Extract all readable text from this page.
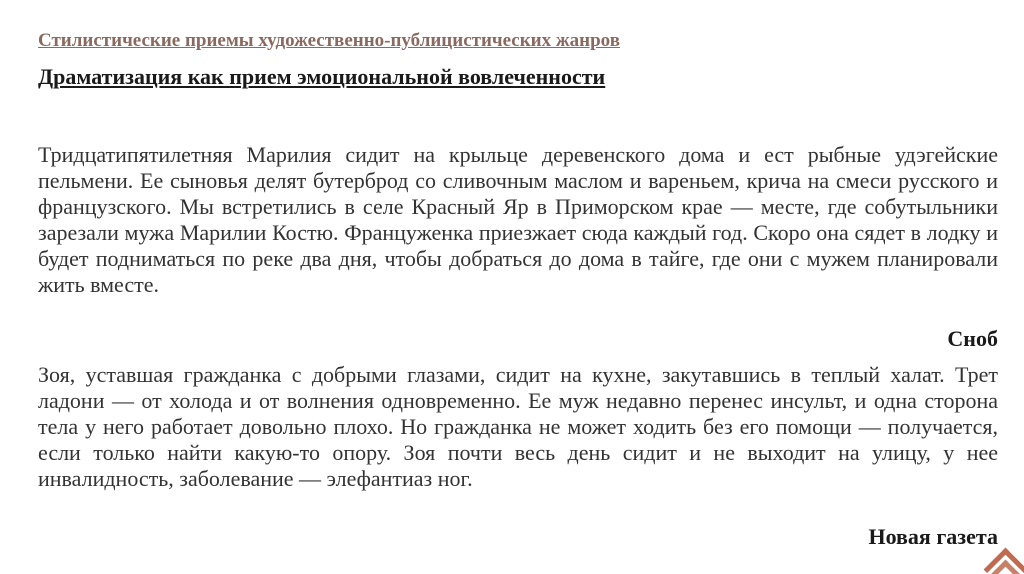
Стилистические приемы художественно-публицистических жанров
Драматизация как прием эмоциональной вовлеченности

Тридцатипятилетняя Марилия сидит на крыльце деревенского дома и ест рыбные удэгейские пельмени. Ее сыновья делят бутерброд со сливочным маслом и вареньем, крича на смеси русского и французского. Мы встретились в селе Красный Яр в Приморском крае — месте, где собутыльники зарезали мужа Марилии Костю. Француженка приезжает сюда каждый год. Скоро она сядет в лодку и будет подниматься по реке два дня, чтобы добраться до дома в тайге, где они с мужем планировали жить вместе.

Сноб

Зоя, уставшая гражданка с добрыми глазами, сидит на кухне, закутавшись в теплый халат. Трет ладони — от холода и от волнения одновременно. Ее муж недавно перенес инсульт, и одна сторона тела у него работает довольно плохо. Но гражданка не может ходить без его помощи — получается, если только найти какую-то опору. Зоя почти весь день сидит и не выходит на улицу, у нее инвалидность, заболевание — элефантиаз ног.

Новая газета
